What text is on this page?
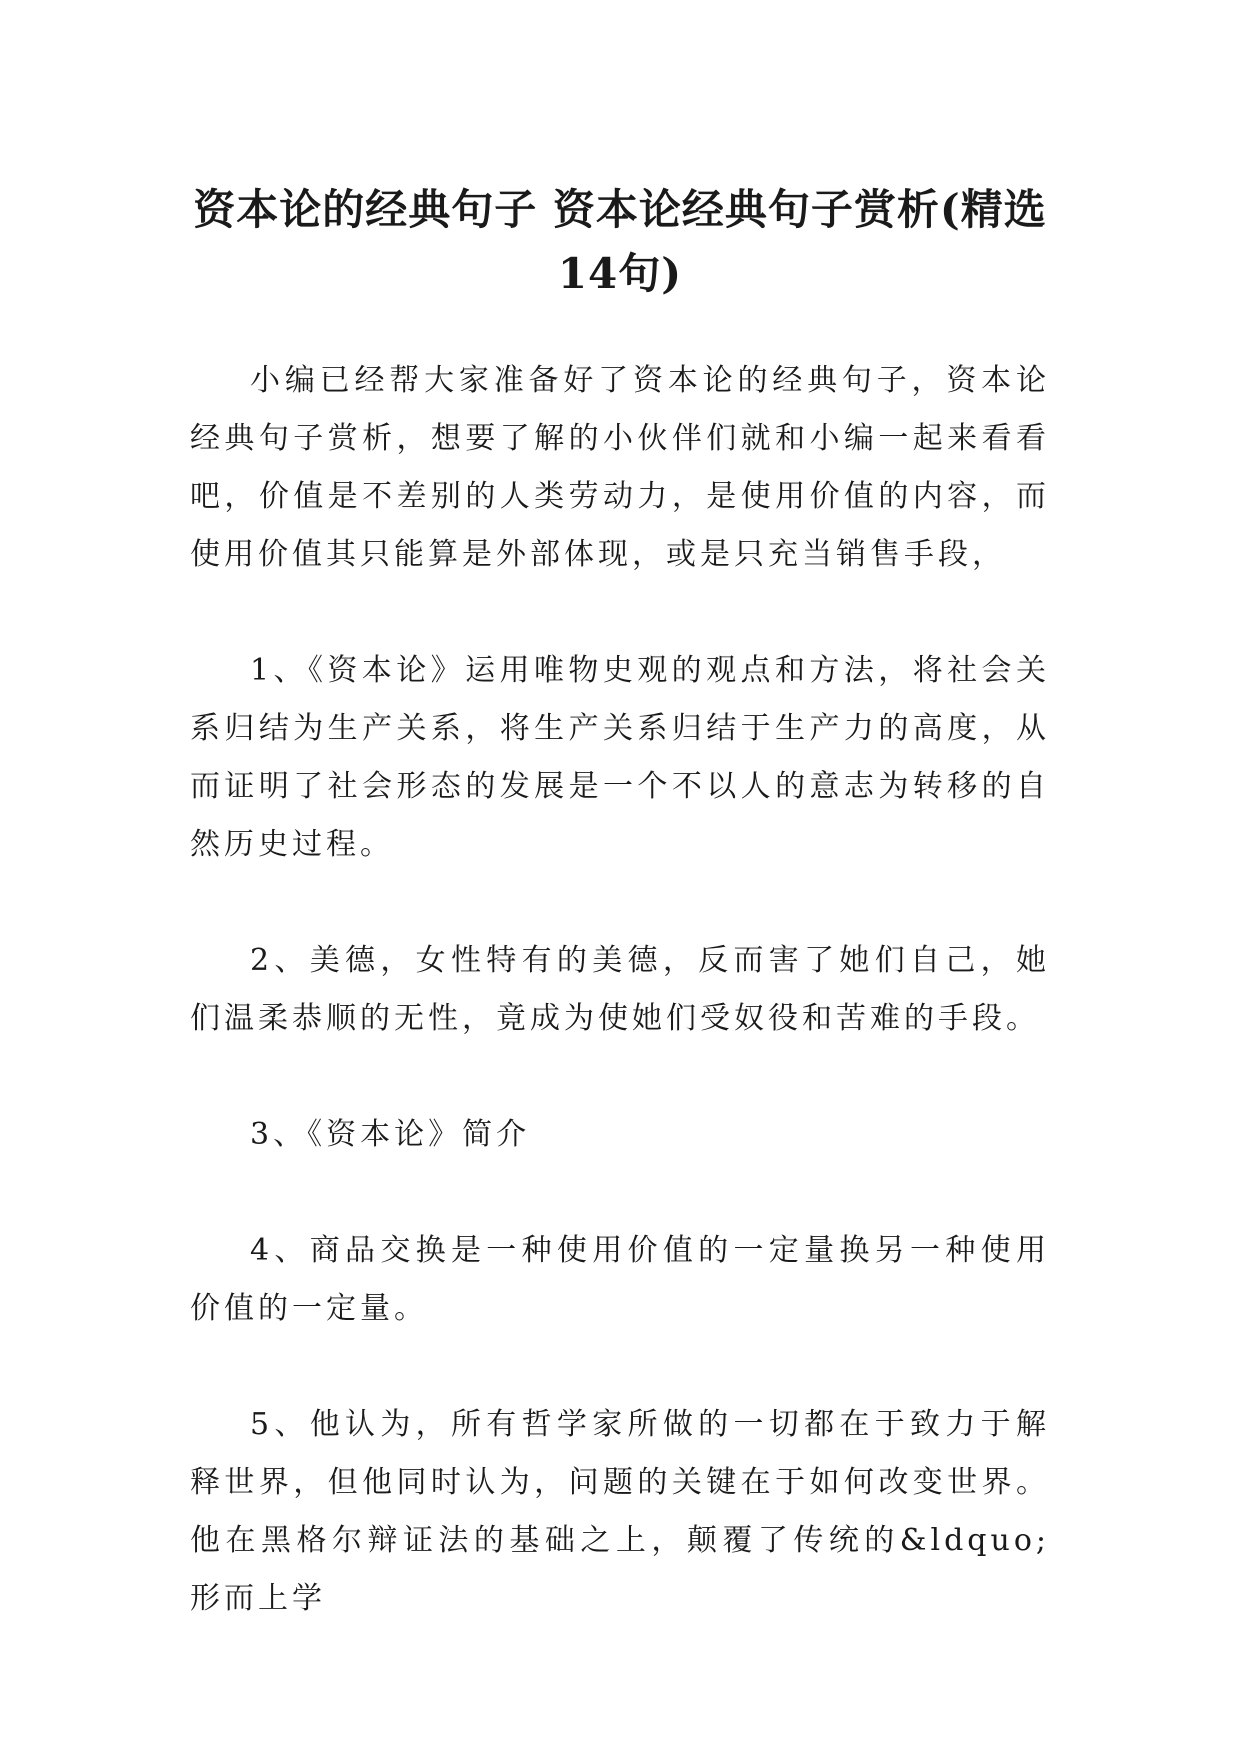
资本论的经典句子 资本论经典句子赏析(精选14句)

小编已经帮大家准备好了资本论的经典句子，资本论经典句子赏析，想要了解的小伙伴们就和小编一起来看看吧，价值是不差别的人类劳动力，是使用价值的内容，而使用价值其只能算是外部体现，或是只充当销售手段，

1、《资本论》运用唯物史观的观点和方法，将社会关系归结为生产关系，将生产关系归结于生产力的高度，从而证明了社会形态的发展是一个不以人的意志为转移的自然历史过程。

2、美德，女性特有的美德，反而害了她们自己，她们温柔恭顺的无性，竟成为使她们受奴役和苦难的手段。

3、《资本论》简介

4、商品交换是一种使用价值的一定量换另一种使用价值的一定量。

5、他认为，所有哲学家所做的一切都在于致力于解释世界，但他同时认为，问题的关键在于如何改变世界。他在黑格尔辩证法的基础之上，颠覆了传统的&ldquo;形而上学
